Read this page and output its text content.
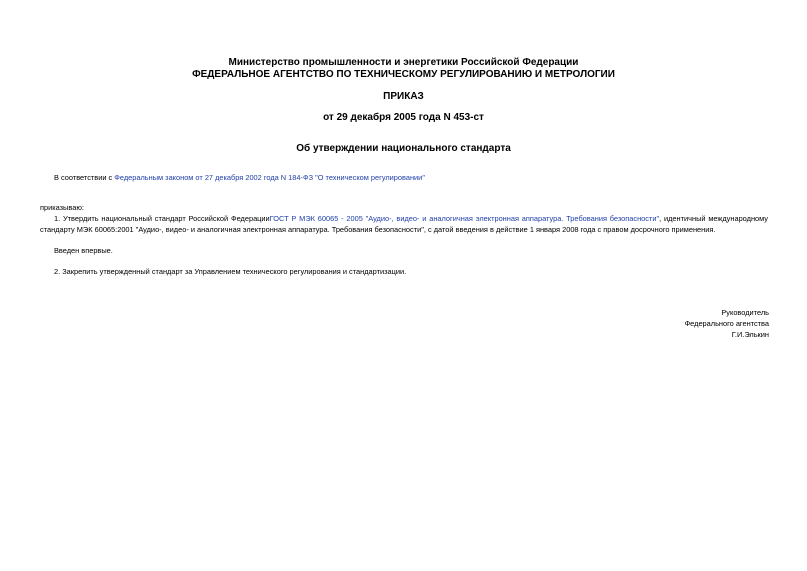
Министерство промышленности и энергетики Российской Федерации
ФЕДЕРАЛЬНОЕ АГЕНТСТВО ПО ТЕХНИЧЕСКОМУ РЕГУЛИРОВАНИЮ И МЕТРОЛОГИИ
ПРИКАЗ
от 29 декабря 2005 года N 453-ст
Об утверждении национального стандарта
В соответствии с Федеральным законом от 27 декабря 2002 года N 184-ФЗ "О техническом регулировании"
приказываю:
1. Утвердить национальный стандарт Российской ФедерацииГОСТ Р МЭК 60065 - 2005 "Аудио-, видео- и аналогичная электронная аппаратура. Требования безопасности", идентичный международному стандарту МЭК 60065:2001 "Аудио-, видео- и аналогичная электронная аппаратура. Требования безопасности", с датой введения в действие 1 января 2008 года с правом досрочного применения.
Введен впервые.
2. Закрепить утвержденный стандарт за Управлением технического регулирования и стандартизации.
Руководитель
Федерального агентства
Г.И.Элькин
